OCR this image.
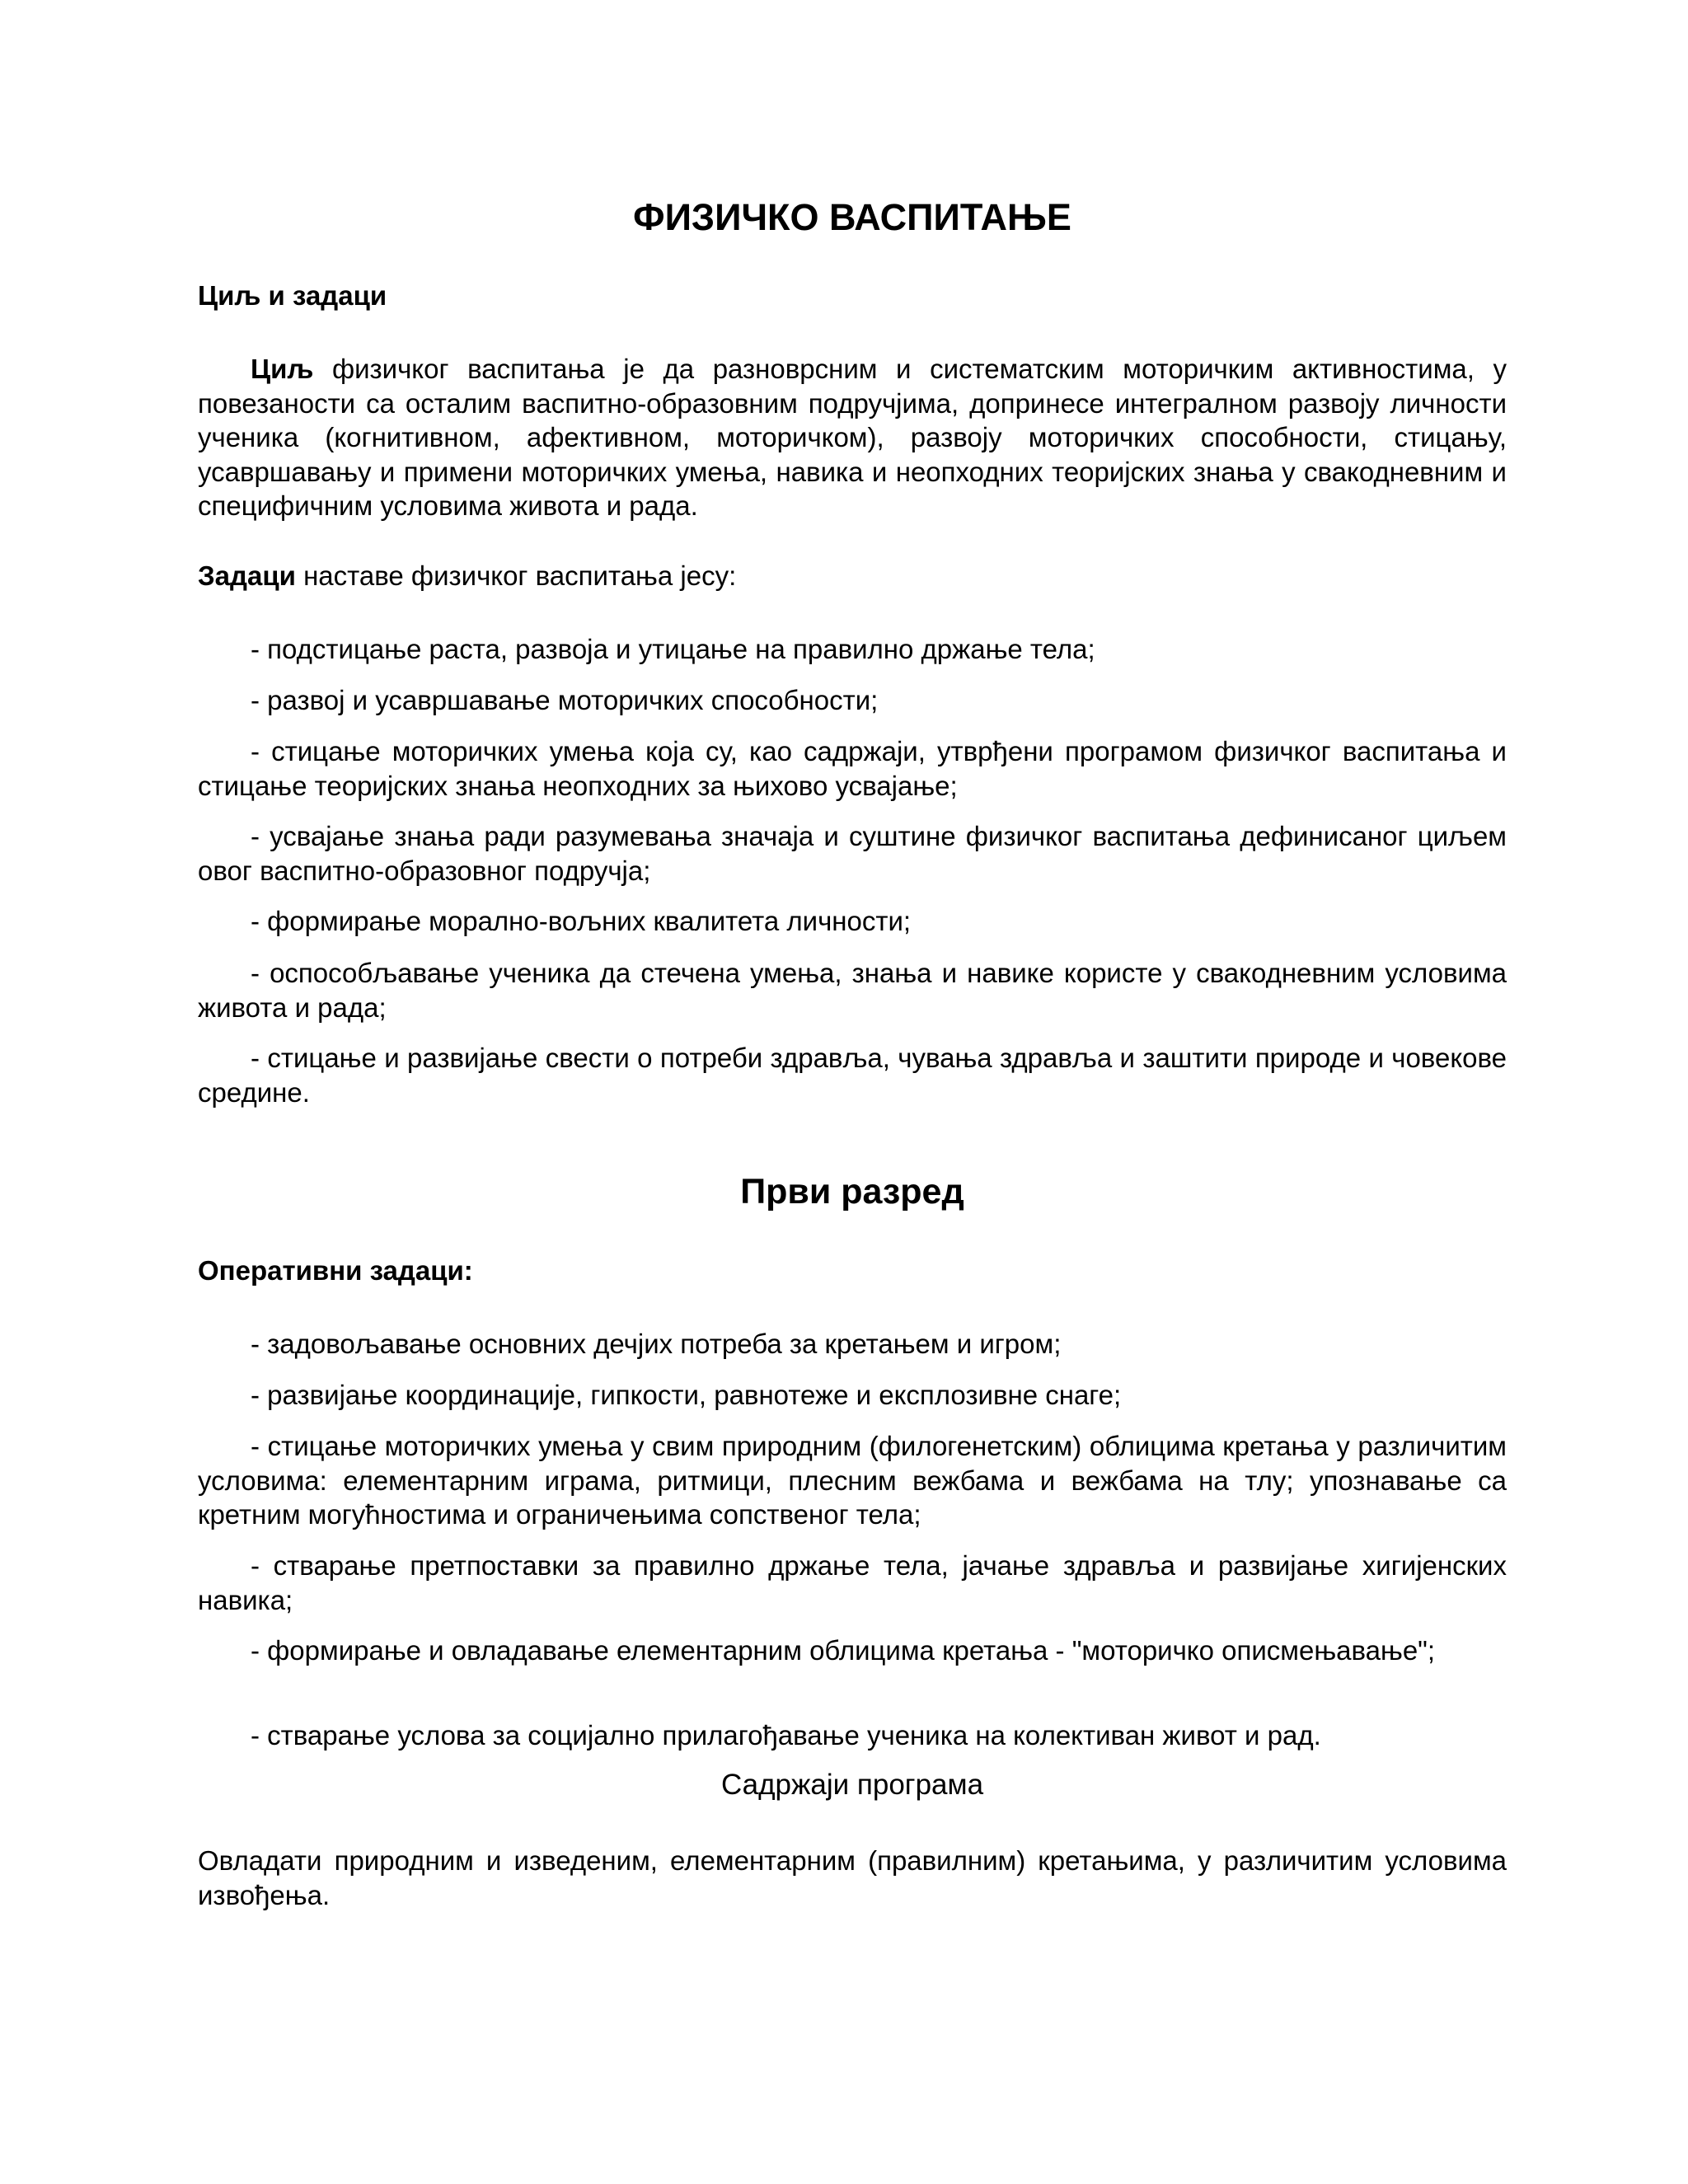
ФИЗИЧКО ВАСПИТАЊЕ
Циљ и задаци

Циљ физичког васпитања је да разноврсним и систематским моторичким активностима, у повезаности са осталим васпитно-образовним подручјима, допринесе интегралном развоју личности ученика (когнитивном, афективном, моторичком), развоју моторичких способности, стицању, усавршавању и примени моторичких умења, навика и неопходних теоријских знања у свакодневним и специфичним условима живота и рада.

Задаци наставе физичког васпитања јесу:

- подстицање раста, развоја и утицање на правилно држање тела;

- развој и усавршавање моторичких способности;

- стицање моторичких умења која су, као садржаји, утврђени програмом физичког васпитања и стицање теоријских знања неопходних за њихово усвајање;

- усвајање знања ради разумевања значаја и суштине физичког васпитања дефинисаног циљем овог васпитно-образовног подручја;

- формирање морално-вољних квалитета личности;

- оспособљавање ученика да стечена умења, знања и навике користе у свакодневним условима живота и рада;

- стицање и развијање свести о потреби здравља, чувања здравља и заштити природе и човекове средине.

Први разред
Оперативни задаци:

- задовољавање основних дечјих потреба за кретањем и игром;

- развијање координације, гипкости, равнотеже и експлозивне снаге;

- стицање моторичких умења у свим природним (филогенетским) облицима кретања у различитим условима: елементарним играма, ритмици, плесним вежбама и вежбама на тлу; упознавање са кретним могућностима и ограничењима сопственог тела;

- стварање претпоставки за правилно држање тела, јачање здравља и развијање хигијенских навика;

- формирање и овладавање елементарним облицима кретања - "моторичко описмењавање";

- стварање услова за социјално прилагођавање ученика на колективан живот и рад.

Садржаји програма

Овладати природним и изведеним, елементарним (правилним) кретањима, у различитим условима извођења.
